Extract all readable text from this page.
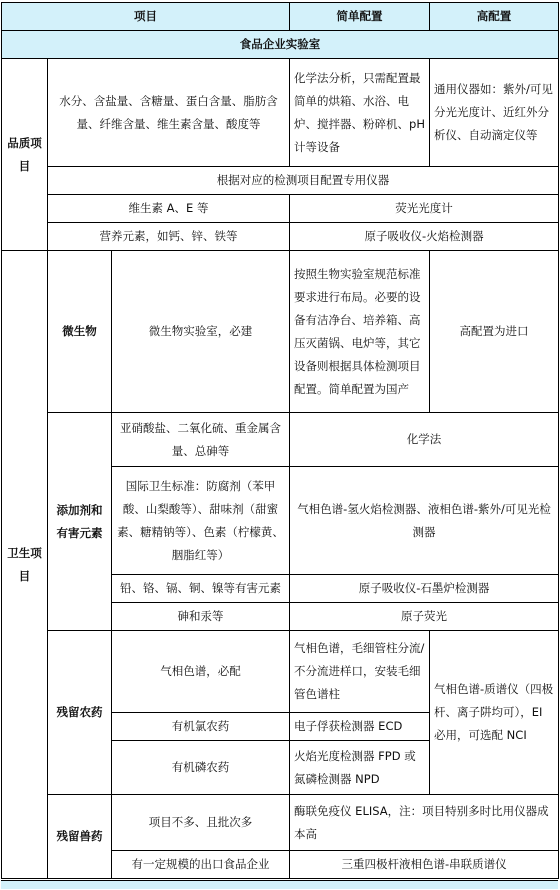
项目			简单配置	高配置
食品企业实验室				
品质项目	水分、含盐量、含糖量、蛋白含量、脂肪含量、纤维含量、维生素含量、酸度等		化学法分析，只需配置最简单的烘箱、水浴、电炉、搅拌器、粉碎机、pH计等设备	通用仪器如：紫外/可见分光光度计、近红外分析仪、自动滴定仪等
	根据对应的检测项目配置专用仪器			
	维生素 A、E 等		荧光光度计	
	营养元素，如钙、锌、铁等		原子吸收仪-火焰检测器	
卫生项目	微生物	微生物实验室，必建	按照生物实验室规范标准要求进行布局。必要的设备有洁净台、培养箱、高压灭菌锅、电炉等，其它设备则根据具体检测项目配置。简单配置为国产	高配置为进口
	添加剂和有害元素	亚硝酸盐、二氧化硫、重金属含量、总砷等	化学法	
		国际卫生标准：防腐剂（苯甲酸、山梨酸等）、甜味剂（甜蜜素、糖精钠等）、色素（柠檬黄、胭脂红等）	气相色谱-氢火焰检测器、液相色谱-紫外/可见光检测器	
		铅、铬、镉、铜、镍等有害元素	原子吸收仪-石墨炉检测器	
		砷和汞等	原子荧光	
	残留农药	气相色谱，必配	气相色谱，毛细管柱分流/不分流进样口，安装毛细管色谱柱	气相色谱-质谱仪（四极杆、离子阱均可），EI 必用，可选配 NCI
		有机氯农药	电子俘获检测器 ECD	
		有机磷农药	火焰光度检测器 FPD 或氮磷检测器 NPD	
	残留兽药	项目不多、且批次多	酶联免疫仪 ELISA，注：项目特别多时比用仪器成本高	
		有一定规模的出口食品企业	三重四极杆液相色谱-串联质谱仪	
